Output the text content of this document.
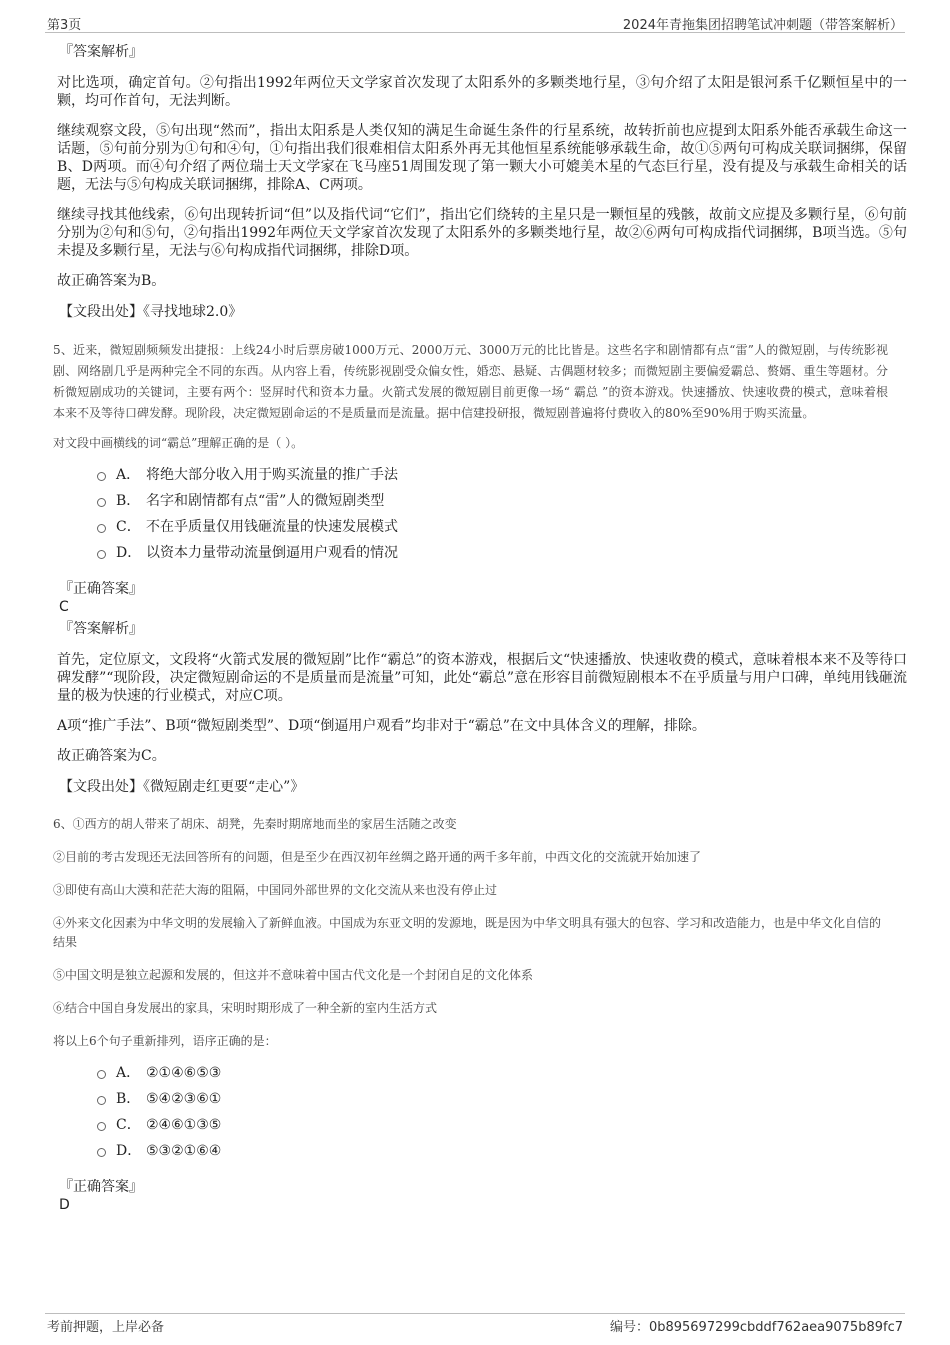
第3页	2024年青拖集团招聘笔试冲刺题（带答案解析）
『答案解析』

对比选项，确定首句。②句指出1992年两位天文学家首次发现了太阳系外的多颗类地行星，③句介绍了太阳是银河系千亿颗恒星中的一颗，均可作首句，无法判断。

继续观察文段，⑤句出现“然而”，指出太阳系是人类仅知的满足生命诞生条件的行星系统，故转折前也应提到太阳系外能否承载生命这一话题，⑤句前分别为①句和④句，①句指出我们很难相信太阳系外再无其他恒星系统能够承载生命，故①⑤两句可构成关联词捆绑，保留B、D两项。而④句介绍了两位瑞士天文学家在飞马座51周围发现了第一颗大小可媲美木星的气态巨行星，没有提及与承载生命相关的话题，无法与⑤句构成关联词捆绑，排除A、C两项。

继续寻找其他线索，⑥句出现转折词“但”以及指代词“它们”，指出它们绕转的主星只是一颗恒星的残骸，故前文应提及多颗行星，⑥句前分别为②句和⑤句，②句指出1992年两位天文学家首次发现了太阳系外的多颗类地行星，故②⑥两句可构成指代词捆绑，B项当选。⑤句未提及多颗行星，无法与⑥句构成指代词捆绑，排除D项。

故正确答案为B。

【文段出处】《寻找地球2.0》

5、近来，微短剧频频发出捷报：上线24小时后票房破1000万元、2000万元、3000万元的比比皆是。这些名字和剧情都有点“雷”人的微短剧，与传统影视剧、网络剧几乎是两种完全不同的东西。从内容上看，传统影视剧受众偏女性，婚恋、悬疑、古偶题材较多；而微短剧主要偏爱霸总、赘婿、重生等题材。分析微短剧成功的关键词，主要有两个：竖屏时代和资本力量。火箭式发展的微短剧目前更像一场“ 霸总 ”的资本游戏。快速播放、快速收费的模式，意味着根本来不及等待口碑发酵。现阶段，决定微短剧命运的不是质量而是流量。据中信建投研报，微短剧普遍将付费收入的80%至90%用于购买流量。

对文段中画横线的词“霸总”理解正确的是（ ）。
A． 将绝大部分收入用于购买流量的推广手法
B． 名字和剧情都有点“雷”人的微短剧类型
C． 不在乎质量仅用钱砸流量的快速发展模式
D． 以资本力量带动流量倒逼用户观看的情况
『正确答案』
C
『答案解析』

首先，定位原文，文段将“火箭式发展的微短剧”比作“霸总”的资本游戏，根据后文“快速播放、快速收费的模式，意味着根本来不及等待口碑发酵”“现阶段，决定微短剧命运的不是质量而是流量”可知，此处“霸总”意在形容目前微短剧根本不在乎质量与用户口碑，单纯用钱砸流量的极为快速的行业模式，对应C项。

A项“推广手法”、B项“微短剧类型”、D项“倒逼用户观看”均非对于“霸总”在文中具体含义的理解，排除。

故正确答案为C。

【文段出处】《微短剧走红更要“走心”》
6、①西方的胡人带来了胡床、胡凳，先秦时期席地而坐的家居生活随之改变
②目前的考古发现还无法回答所有的问题，但是至少在西汉初年丝绸之路开通的两千多年前，中西文化的交流就开始加速了
③即使有高山大漠和茫茫大海的阻隔，中国同外部世界的文化交流从来也没有停止过
④外来文化因素为中华文明的发展输入了新鲜血液。中国成为东亚文明的发源地，既是因为中华文明具有强大的包容、学习和改造能力，也是中华文化自信的结果
⑤中国文明是独立起源和发展的，但这并不意味着中国古代文化是一个封闭自足的文化体系
⑥结合中国自身发展出的家具，宋明时期形成了一种全新的室内生活方式
将以上6个句子重新排列，语序正确的是：
A． ②①④⑥⑤③
B． ⑤④②③⑥①
C． ②④⑥①③⑤
D． ⑤③②①⑥④
『正确答案』
D
考前押题，上岸必备	编号：0b895697299cbddf762aea9075b89fc7
